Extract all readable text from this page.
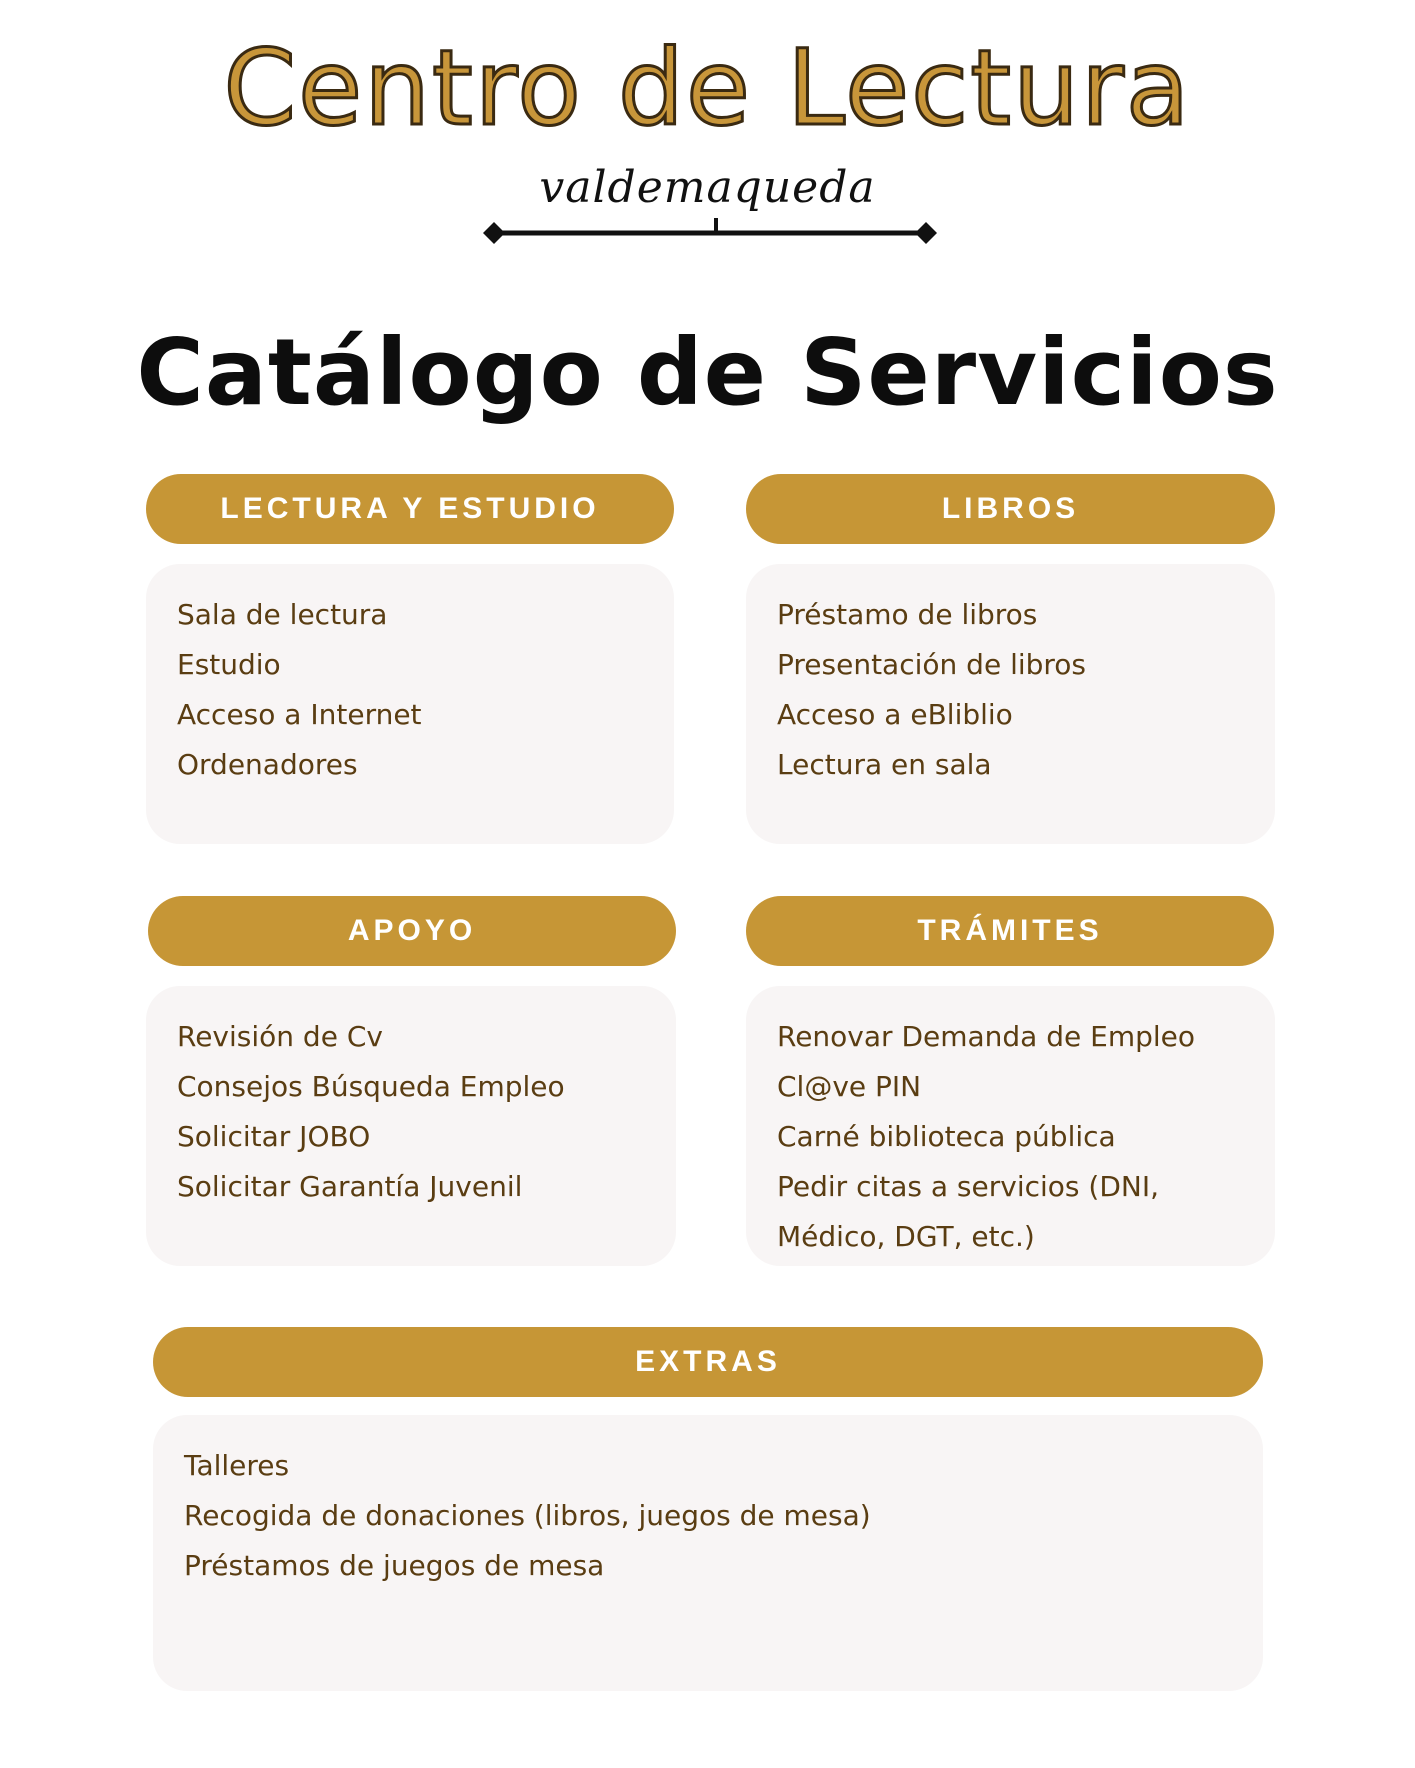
Centro de Lectura
valdemaqueda
Catálogo de Servicios
LECTURA Y ESTUDIO
Sala de lectura
Estudio
Acceso a Internet
Ordenadores
LIBROS
Préstamo de libros
Presentación de libros
Acceso a eBliblio
Lectura en sala
APOYO
Revisión de Cv
Consejos Búsqueda Empleo
Solicitar JOBO
Solicitar Garantía Juvenil
TRÁMITES
Renovar Demanda de Empleo
Cl@ve PIN
Carné biblioteca pública
Pedir citas a servicios (DNI,
Médico, DGT, etc.)
EXTRAS
Talleres
Recogida de donaciones (libros, juegos de mesa)
Préstamos de juegos de mesa
